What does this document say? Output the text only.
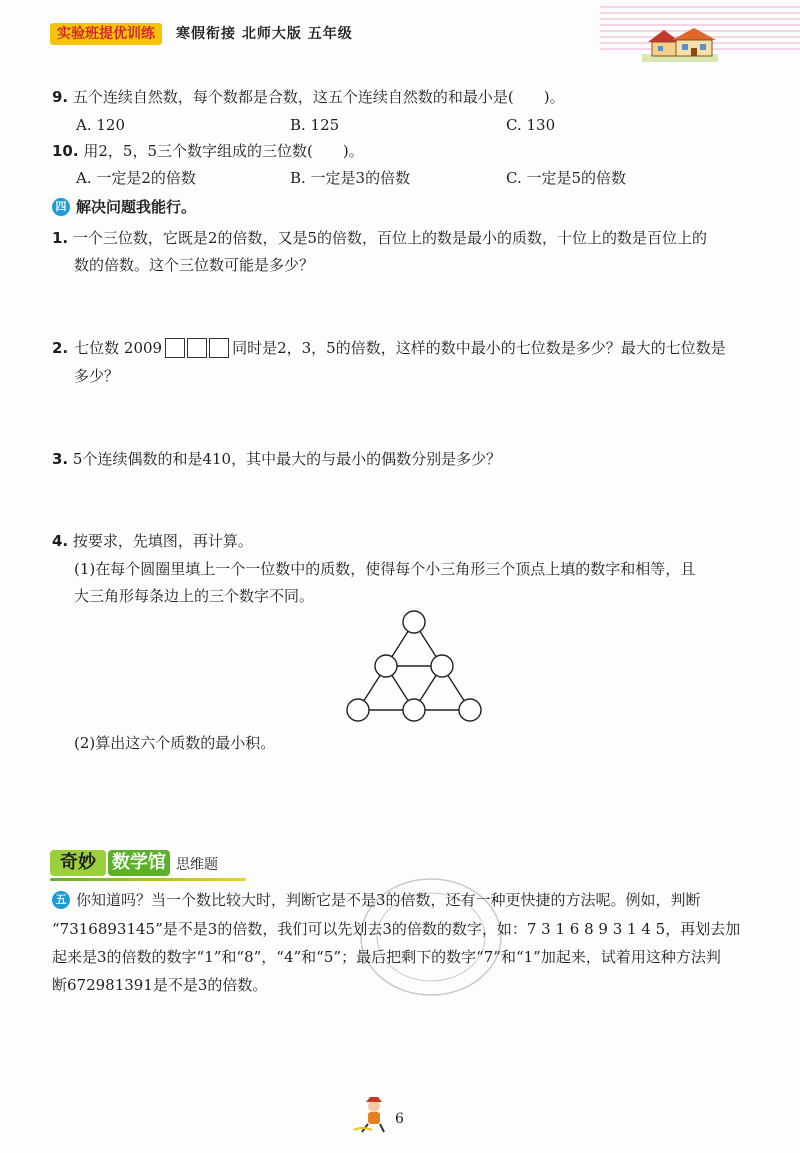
实验班提优训练	寒假衔接 北师大版 五年级
9. 五个连续自然数，每个数都是合数，这五个连续自然数的和最小是(　　)。
A. 120	B. 125	C. 130
10. 用2，5，5三个数字组成的三位数(　　)。
A. 一定是2的倍数	B. 一定是3的倍数	C. 一定是5的倍数
四 解决问题我能行。
1. 一个三位数，它既是2的倍数，又是5的倍数，百位上的数是最小的质数，十位上的数是百位上的
数的倍数。这个三位数可能是多少？
2. 七位数 2009	同时是2，3，5的倍数，这样的数中最小的七位数是多少？最大的七位数是
多少？
3. 5个连续偶数的和是410，其中最大的与最小的偶数分别是多少？
4. 按要求，先填图，再计算。
(1)在每个圆圈里填上一个一位数中的质数，使得每个小三角形三个顶点上填的数字和相等，且
大三角形每条边上的三个数字不同。
(2)算出这六个质数的最小积。
奇妙 数学馆 思维题
五 你知道吗？当一个数比较大时，判断它是不是3的倍数，还有一种更快捷的方法呢。例如，判断
“7316893145”是不是3的倍数，我们可以先划去3的倍数的数字，如：7 3 1 6 8 9 3 1 4 5，再划去加
起来是3的倍数的数字“1”和“8”，“4”和“5”；最后把剩下的数字“7”和“1”加起来，试着用这种方法判
断672981391是不是3的倍数。
6
